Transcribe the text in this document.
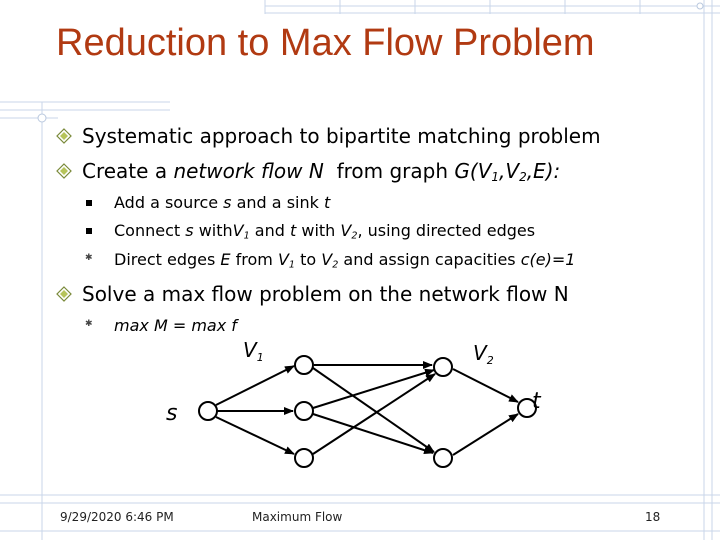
Reduction to Max Flow Problem
Systematic approach to bipartite matching problem
Create a network flow N from graph $G(V_1,V_2,E)$:
Add a source s and a sink t
Connect s withV$_1$ and t with $V_2$, using directed edges
✱ Direct edges E from $V_1$ to $V_2$ and assign capacities c(e)=1
Solve a max flow problem on the network flow N
✱ max M = max f
$V_1$	$V_2$
s	t
9/29/2020 6:46 PM	Maximum Flow	18
